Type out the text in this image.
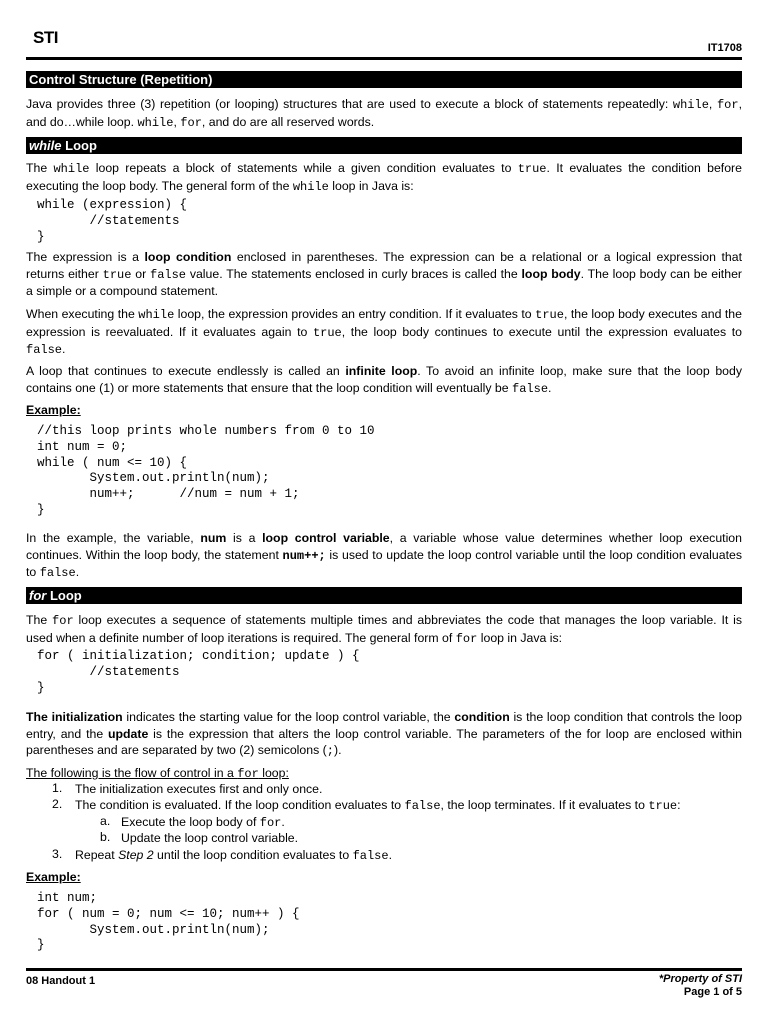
STI
IT1708
Control Structure (Repetition)
Java provides three (3) repetition (or looping) structures that are used to execute a block of statements repeatedly: while, for, and do…while loop. while, for, and do are all reserved words.
while Loop
The while loop repeats a block of statements while a given condition evaluates to true. It evaluates the condition before executing the loop body. The general form of the while loop in Java is:
while (expression) {
//statements
}
The expression is a loop condition enclosed in parentheses. The expression can be a relational or a logical expression that returns either true or false value. The statements enclosed in curly braces is called the loop body. The loop body can be either a simple or a compound statement.
When executing the while loop, the expression provides an entry condition. If it evaluates to true, the loop body executes and the expression is reevaluated. If it evaluates again to true, the loop body continues to execute until the expression evaluates to false.
A loop that continues to execute endlessly is called an infinite loop. To avoid an infinite loop, make sure that the loop body contains one (1) or more statements that ensure that the loop condition will eventually be false.
Example:
//this loop prints whole numbers from 0 to 10
int num = 0;
while ( num <= 10) {
System.out.println(num);
num++;      //num = num + 1;
}
In the example, the variable, num is a loop control variable, a variable whose value determines whether loop execution continues. Within the loop body, the statement num++; is used to update the loop control variable until the loop condition evaluates to false.
for Loop
The for loop executes a sequence of statements multiple times and abbreviates the code that manages the loop variable. It is used when a definite number of loop iterations is required. The general form of for loop in Java is:
for ( initialization; condition; update ) {
//statements
}
The initialization indicates the starting value for the loop control variable, the condition is the loop condition that controls the loop entry, and the update is the expression that alters the loop control variable. The parameters of the for loop are enclosed within parentheses and are separated by two (2) semicolons (;).
The following is the flow of control in a for loop:
1. The initialization executes first and only once.
2. The condition is evaluated. If the loop condition evaluates to false, the loop terminates. If it evaluates to true:
a. Execute the loop body of for.
b. Update the loop control variable.
3. Repeat Step 2 until the loop condition evaluates to false.
Example:
int num;
for ( num = 0; num <= 10; num++ ) {
System.out.println(num);
}
08 Handout 1	*Property of STI
Page 1 of 5
